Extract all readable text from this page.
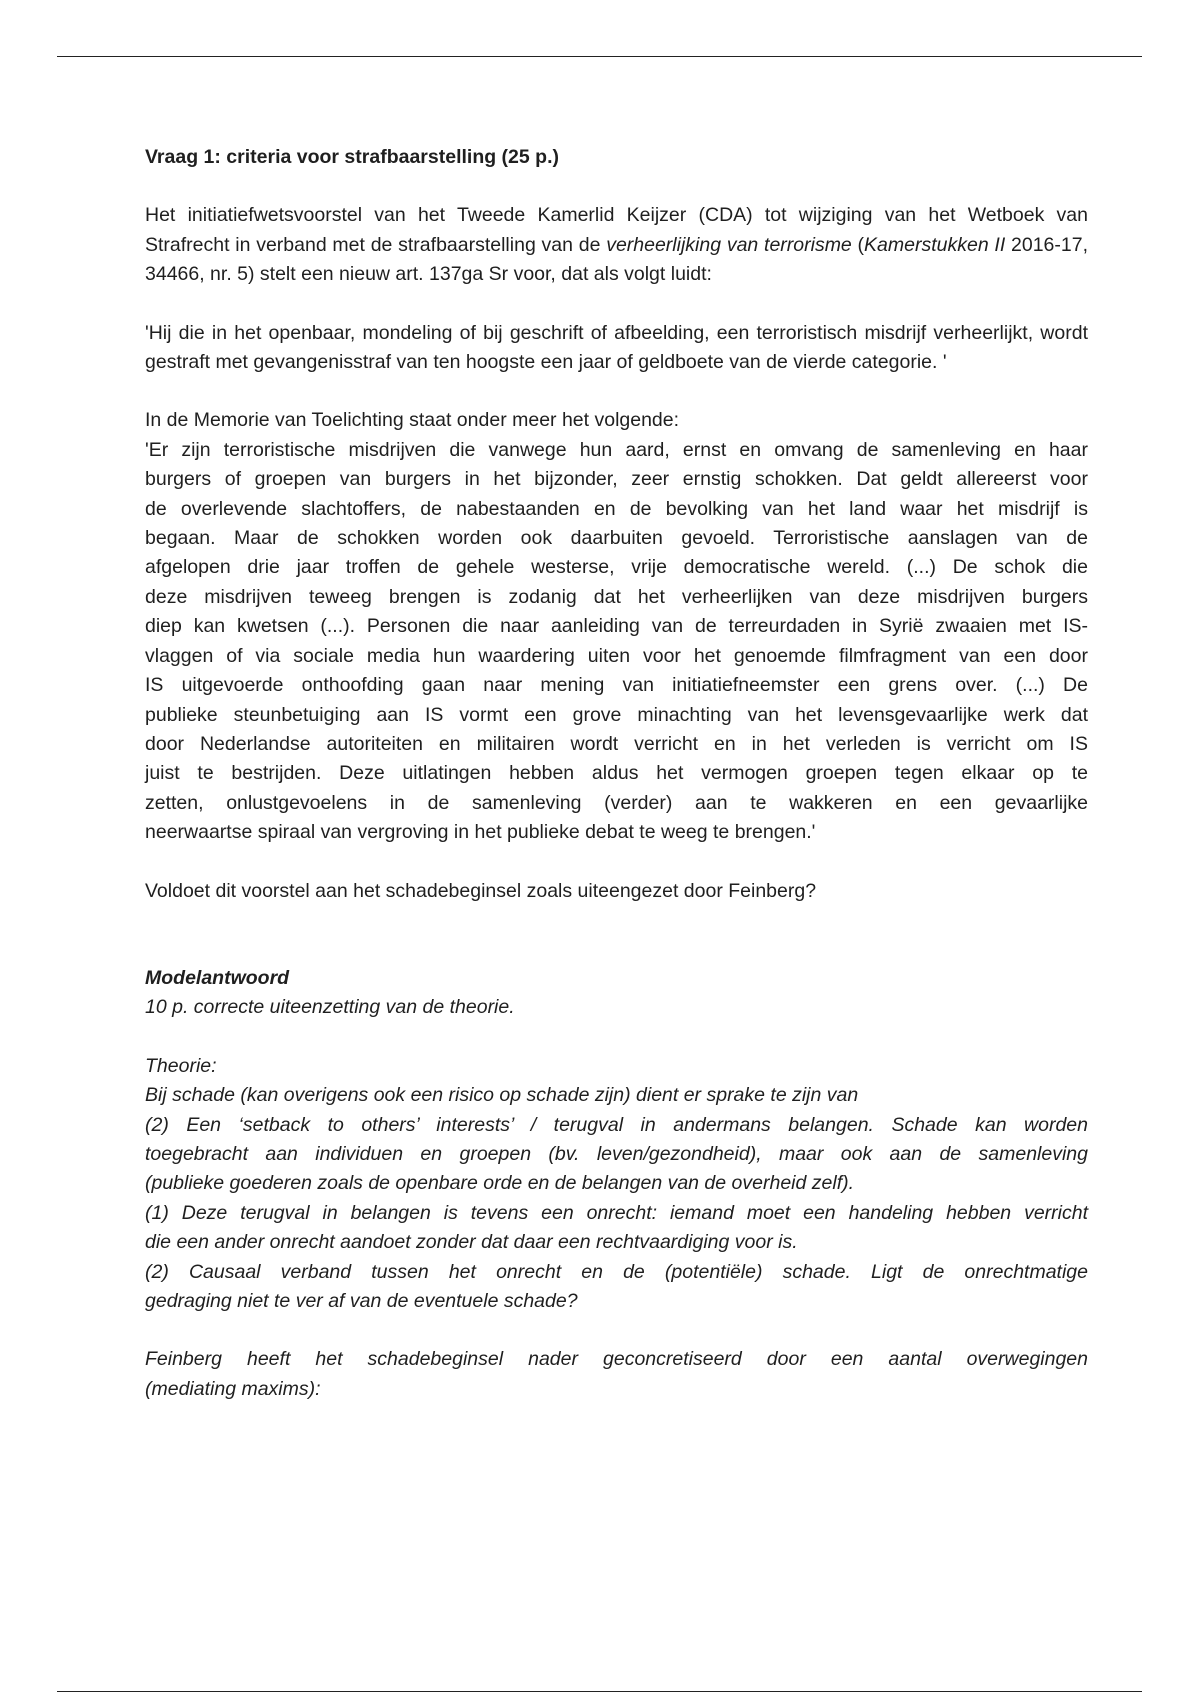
Vraag 1: criteria voor strafbaarstelling (25 p.)

Het initiatiefwetsvoorstel van het Tweede Kamerlid Keijzer (CDA) tot wijziging van het Wetboek van Strafrecht in verband met de strafbaarstelling van de verheerlijking van terrorisme (Kamerstukken II 2016-17, 34466, nr. 5) stelt een nieuw art. 137ga Sr voor, dat als volgt luidt:

'Hij die in het openbaar, mondeling of bij geschrift of afbeelding, een terroristisch misdrijf verheerlijkt, wordt gestraft met gevangenisstraf van ten hoogste een jaar of geldboete van de vierde categorie. '

In de Memorie van Toelichting staat onder meer het volgende:

'Er zijn terroristische misdrijven die vanwege hun aard, ernst en omvang de samenleving en haar
burgers of groepen van burgers in het bijzonder, zeer ernstig schokken. Dat geldt allereerst voor
de overlevende slachtoffers, de nabestaanden en de bevolking van het land waar het misdrijf is
begaan. Maar de schokken worden ook daarbuiten gevoeld. Terroristische aanslagen van de
afgelopen drie jaar troffen de gehele westerse, vrije democratische wereld. (...) De schok die
deze misdrijven teweeg brengen is zodanig dat het verheerlijken van deze misdrijven burgers
diep kan kwetsen (...). Personen die naar aanleiding van de terreurdaden in Syrië zwaaien met IS-
vlaggen of via sociale media hun waardering uiten voor het genoemde filmfragment van een door
IS uitgevoerde onthoofding gaan naar mening van initiatiefneemster een grens over. (...) De
publieke steunbetuiging aan IS vormt een grove minachting van het levensgevaarlijke werk dat
door Nederlandse autoriteiten en militairen wordt verricht en in het verleden is verricht om IS
juist te bestrijden. Deze uitlatingen hebben aldus het vermogen groepen tegen elkaar op te
zetten, onlustgevoelens in de samenleving (verder) aan te wakkeren en een gevaarlijke
neerwaartse spiraal van vergroving in het publieke debat te weeg te brengen.'

Voldoet dit voorstel aan het schadebeginsel zoals uiteengezet door Feinberg?

Modelantwoord

10 p. correcte uiteenzetting van de theorie.

Theorie:

Bij schade (kan overigens ook een risico op schade zijn) dient er sprake te zijn van
(2) Een ‘setback to others’ interests’ / terugval in andermans belangen. Schade kan worden
toegebracht aan individuen en groepen (bv. leven/gezondheid), maar ook aan de samenleving
(publieke goederen zoals de openbare orde en de belangen van de overheid zelf).
(1) Deze terugval in belangen is tevens een onrecht: iemand moet een handeling hebben verricht
die een ander onrecht aandoet zonder dat daar een rechtvaardiging voor is.
(2) Causaal verband tussen het onrecht en de (potentiële) schade. Ligt de onrechtmatige
gedraging niet te ver af van de eventuele schade?
Feinberg heeft het schadebeginsel nader geconcretiseerd door een aantal overwegingen
(mediating maxims):
